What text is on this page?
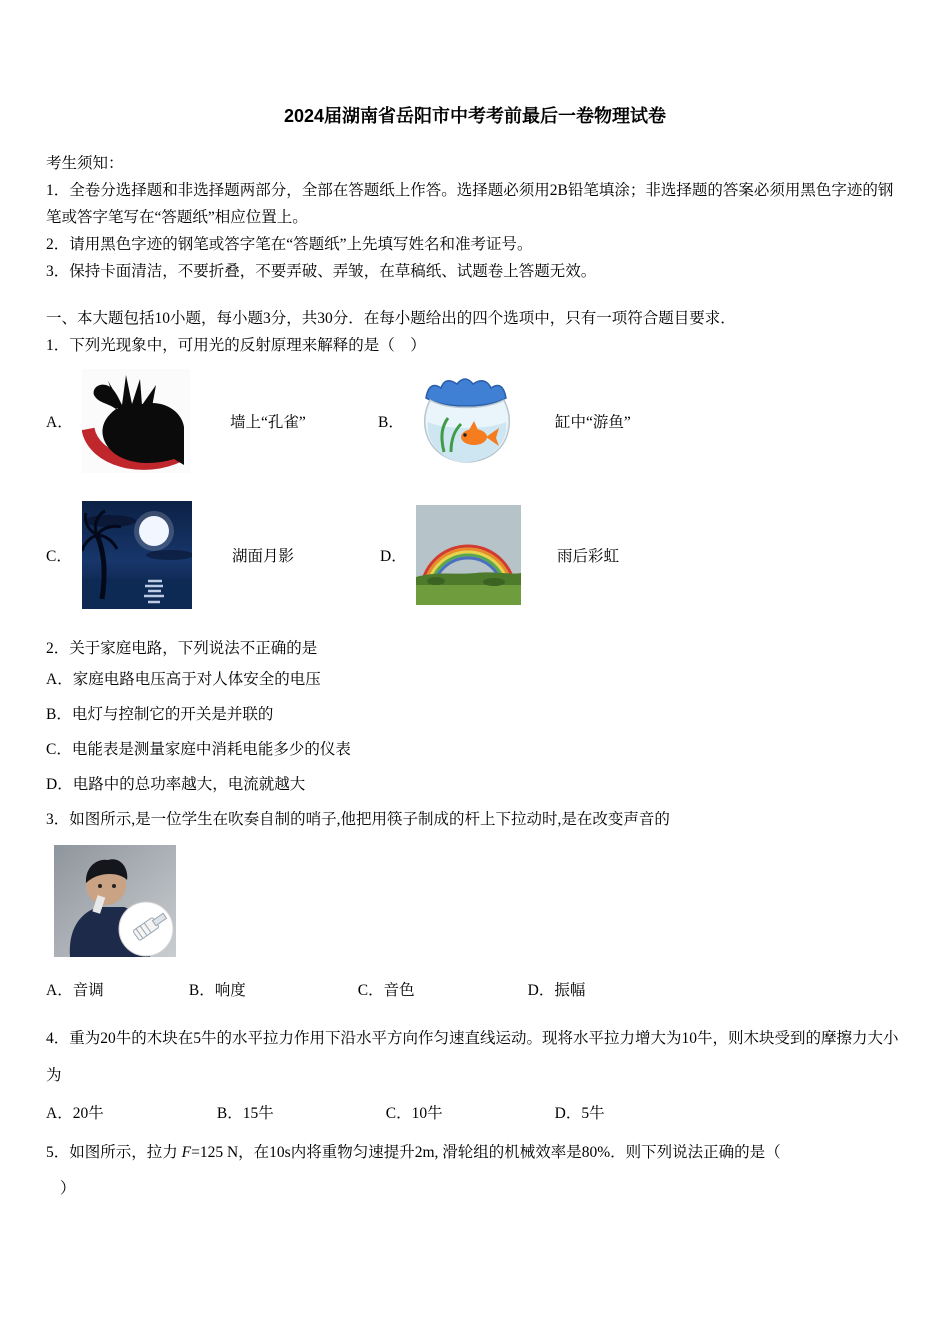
2024届湖南省岳阳市中考考前最后一卷物理试卷

考生须知：

1．全卷分选择题和非选择题两部分，全部在答题纸上作答。选择题必须用2B铅笔填涂；非选择题的答案必须用黑色字迹的钢笔或答字笔写在“答题纸”相应位置上。

2．请用黑色字迹的钢笔或答字笔在“答题纸”上先填写姓名和准考证号。

3．保持卡面清洁，不要折叠，不要弄破、弄皱，在草稿纸、试题卷上答题无效。

一、本大题包括10小题，每小题3分，共30分．在每小题给出的四个选项中，只有一项符合题目要求．

1．下列光现象中，可用光的反射原理来解释的是（　）

A．	墙上“孔雀”	B．	缸中“游鱼”
C．	湖面月影	D．	雨后彩虹

2．关于家庭电路，下列说法不正确的是

A．家庭电路电压高于对人体安全的电压

B．电灯与控制它的开关是并联的

C．电能表是测量家庭中消耗电能多少的仪表

D．电路中的总功率越大，电流就越大

3．如图所示,是一位学生在吹奏自制的哨子,他把用筷子制成的杆上下拉动时,是在改变声音的

A．音调	B．响度	C．音色	D．振幅

4．重为20牛的木块在5牛的水平拉力作用下沿水平方向作匀速直线运动。现将水平拉力增大为10牛，则木块受到的摩擦力大小为

A．20牛	B．15牛	C．10牛	D．5牛

5．如图所示，拉力 F=125 N，在10s内将重物匀速提升2m, 滑轮组的机械效率是80%．则下列说法正确的是（
）
